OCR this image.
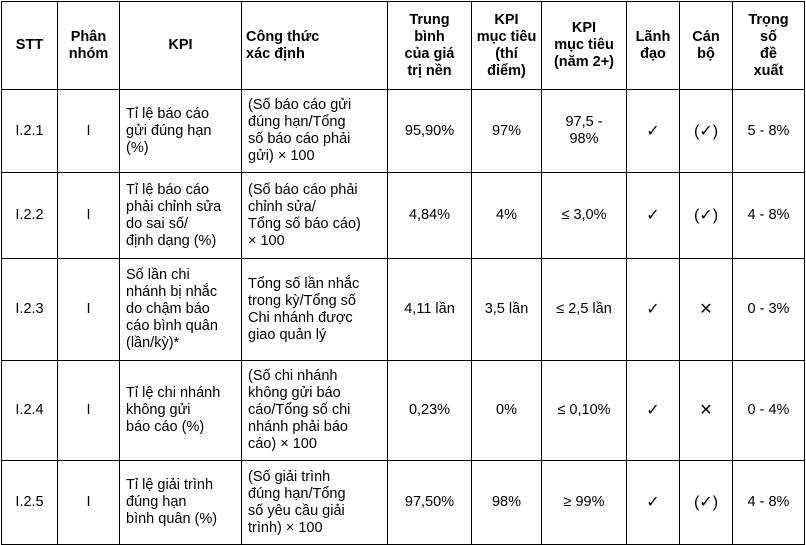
STT	Phân
nhóm	KPI	Công thức
xác định	Trung
bình
của giá
trị nền	KPI
mục tiêu
(thí
điểm)	KPI
mục tiêu
(năm 2+)	Lãnh
đạo	Cán
bộ	Trọng
số
đề
xuất

I.2.1	I	Tỉ lệ báo cáo
gửi đúng hạn
(%)	(Số báo cáo gửi
đúng hạn/Tổng
số báo cáo phải
gửi) × 100	95,90%	97%	97,5 -
98%	✓	(✓)	5 - 8%

I.2.2	I	Tỉ lệ báo cáo
phải chỉnh sửa
do sai số/
định dạng (%)	(Số báo cáo phải
chỉnh sửa/
Tổng số báo cáo)
× 100	4,84%	4%	≤ 3,0%	✓	(✓)	4 - 8%

I.2.3	I	Số lần chi
nhánh bị nhắc
do chậm báo
cáo bình quân
(lần/kỳ)*	Tổng số lần nhắc
trong kỳ/Tổng số
Chi nhánh được
giao quản lý	4,11 lần	3,5 lần	≤ 2,5 lần	✓	✕	0 - 3%

I.2.4	I	Tỉ lệ chi nhánh
không gửi
báo cáo (%)	(Số chi nhánh
không gửi báo
cáo/Tổng số chi
nhánh phải báo
cáo) × 100	0,23%	0%	≤ 0,10%	✓	✕	0 - 4%

I.2.5	I	Tỉ lệ giải trình
đúng hạn
bình quân (%)	(Số giải trình
đúng hạn/Tổng
số yêu cầu giải
trình) × 100	97,50%	98%	≥ 99%	✓	(✓)	4 - 8%
